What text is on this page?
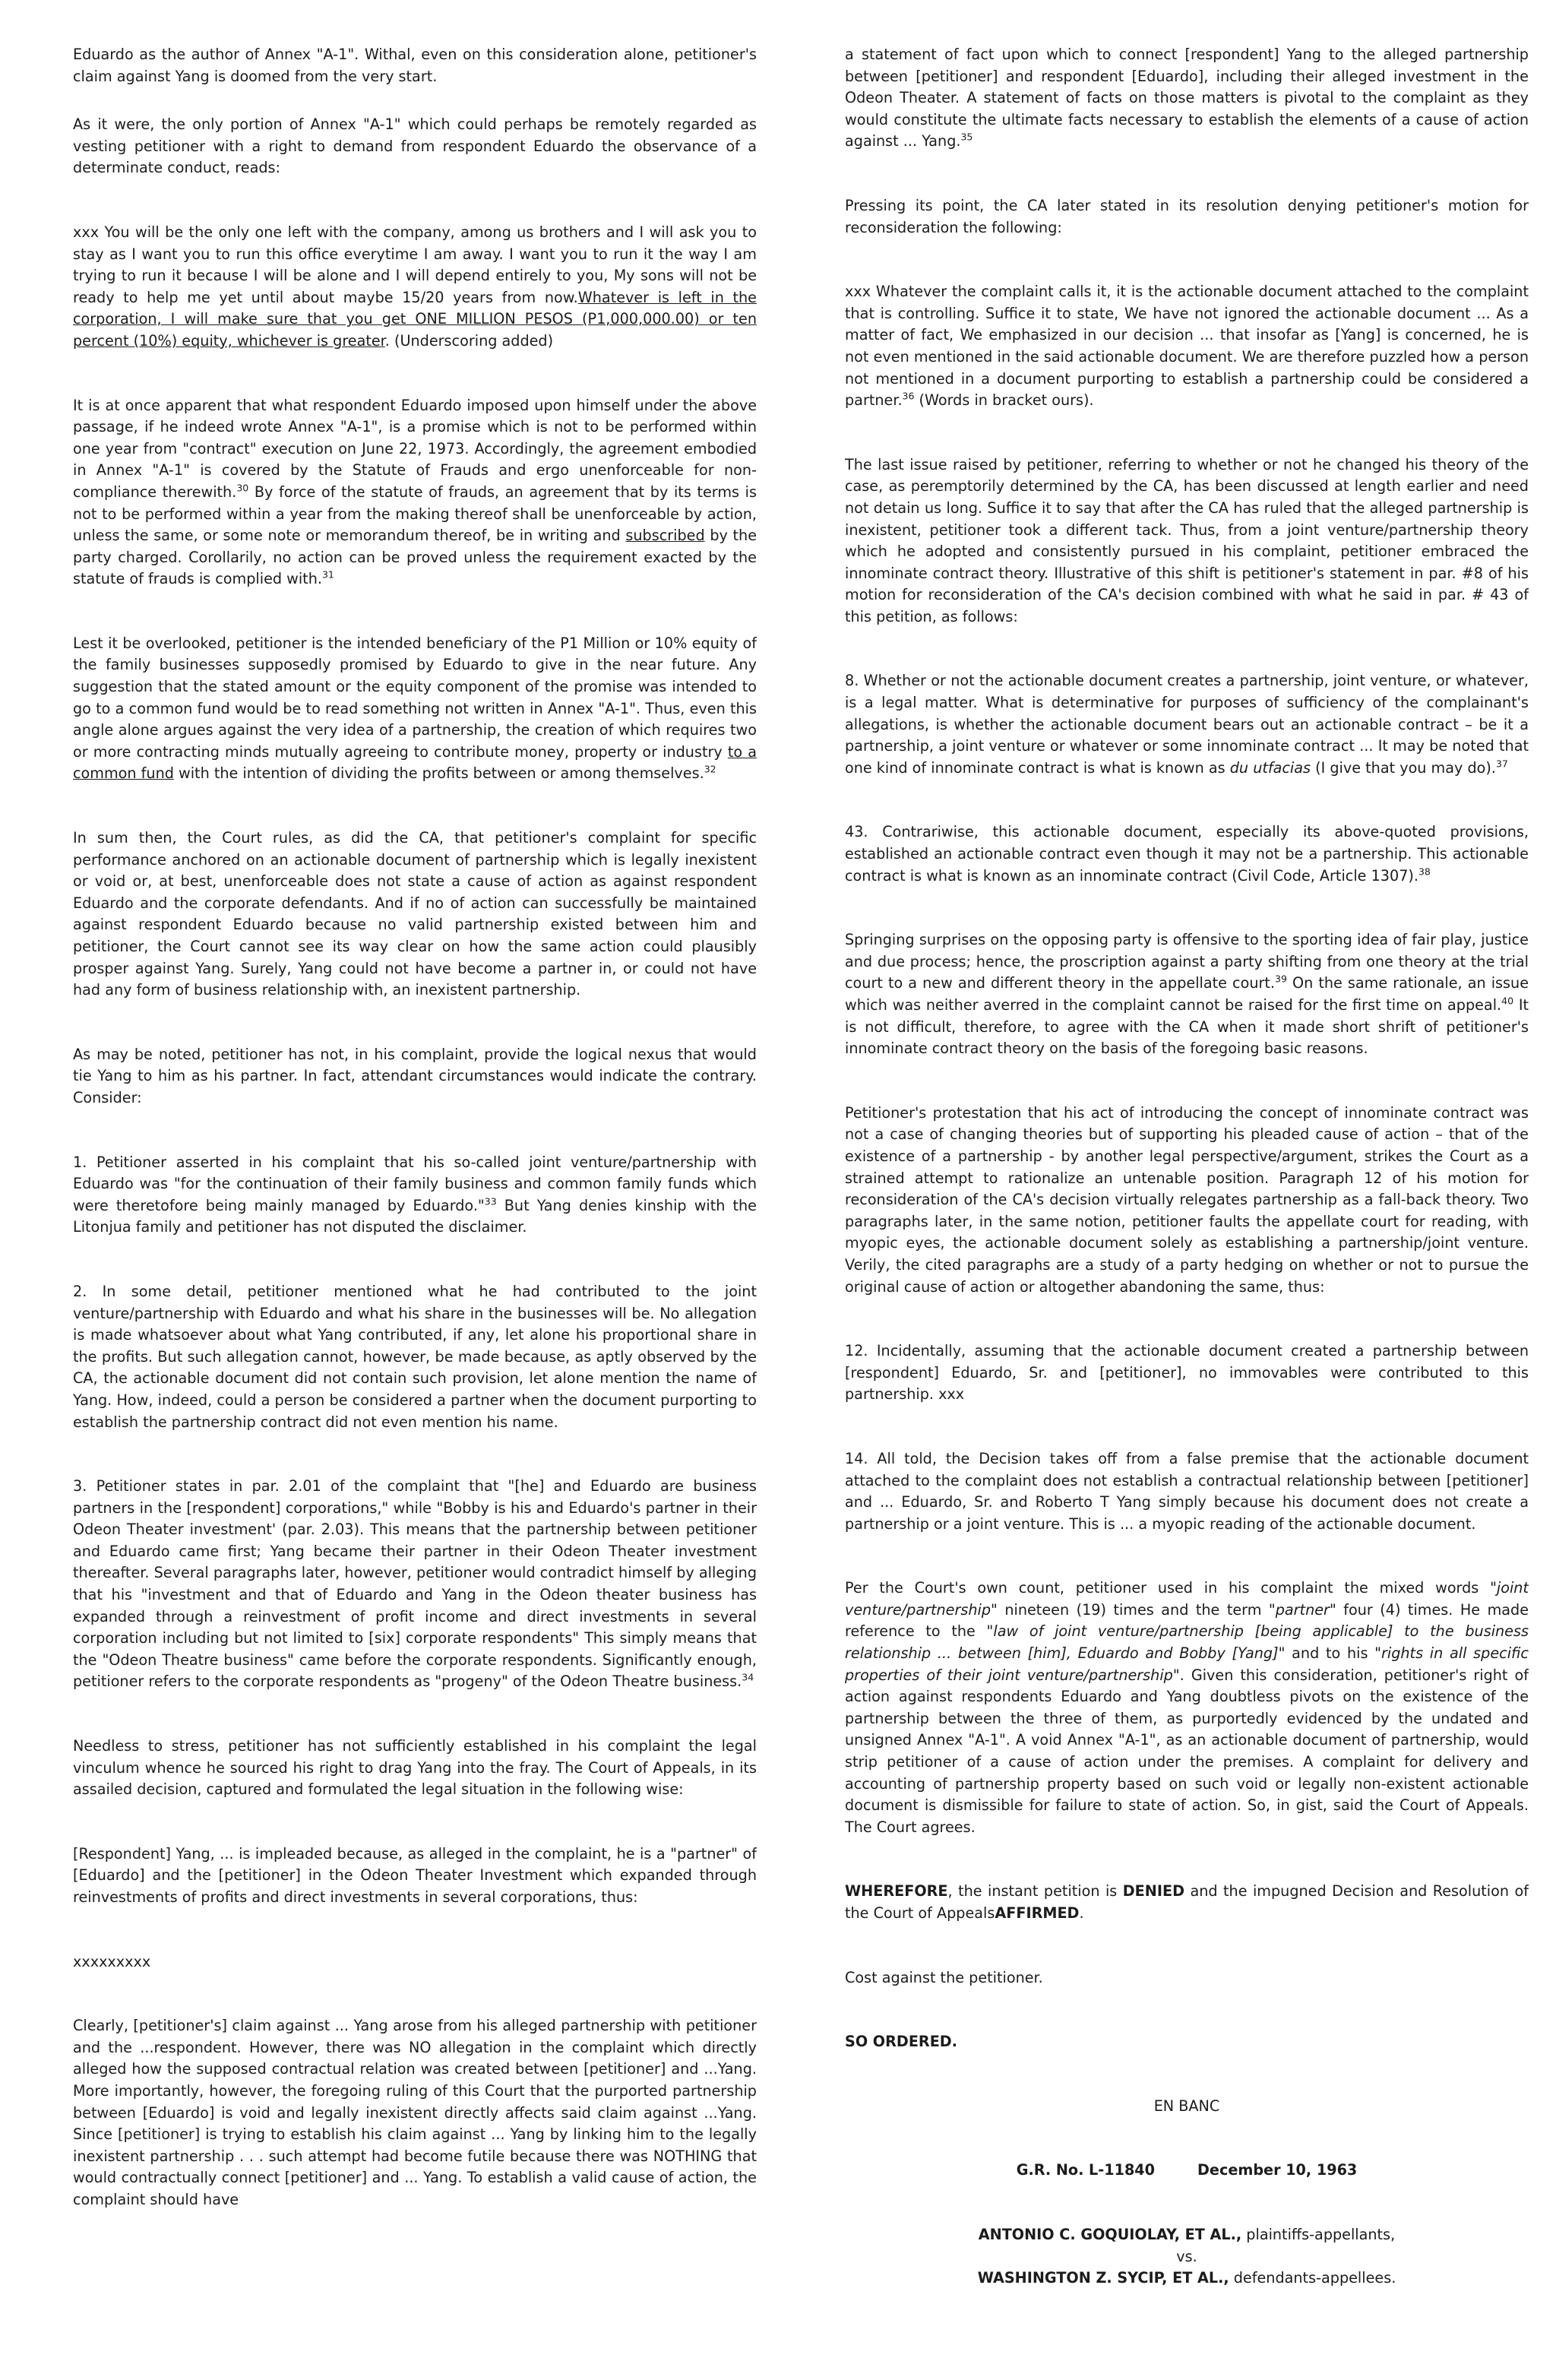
Eduardo as the author of Annex "A-1". Withal, even on this consideration alone, petitioner's claim against Yang is doomed from the very start.

As it were, the only portion of Annex "A-1" which could perhaps be remotely regarded as vesting petitioner with a right to demand from respondent Eduardo the observance of a determinate conduct, reads:

xxx You will be the only one left with the company, among us brothers and I will ask you to stay as I want you to run this office everytime I am away. I want you to run it the way I am trying to run it because I will be alone and I will depend entirely to you, My sons will not be ready to help me yet until about maybe 15/20 years from now.Whatever is left in the corporation, I will make sure that you get ONE MILLION PESOS (P1,000,000.00) or ten percent (10%) equity, whichever is greater. (Underscoring added)

It is at once apparent that what respondent Eduardo imposed upon himself under the above passage, if he indeed wrote Annex "A-1", is a promise which is not to be performed within one year from "contract" execution on June 22, 1973. Accordingly, the agreement embodied in Annex "A-1" is covered by the Statute of Frauds and ergo unenforceable for non-compliance therewith.$^{30}$ By force of the statute of frauds, an agreement that by its terms is not to be performed within a year from the making thereof shall be unenforceable by action, unless the same, or some note or memorandum thereof, be in writing and subscribed by the party charged. Corollarily, no action can be proved unless the requirement exacted by the statute of frauds is complied with.$^{31}$

Lest it be overlooked, petitioner is the intended beneficiary of the P1 Million or 10% equity of the family businesses supposedly promised by Eduardo to give in the near future. Any suggestion that the stated amount or the equity component of the promise was intended to go to a common fund would be to read something not written in Annex "A-1". Thus, even this angle alone argues against the very idea of a partnership, the creation of which requires two or more contracting minds mutually agreeing to contribute money, property or industry to a common fund with the intention of dividing the profits between or among themselves.$^{32}$

In sum then, the Court rules, as did the CA, that petitioner's complaint for specific performance anchored on an actionable document of partnership which is legally inexistent or void or, at best, unenforceable does not state a cause of action as against respondent Eduardo and the corporate defendants. And if no of action can successfully be maintained against respondent Eduardo because no valid partnership existed between him and petitioner, the Court cannot see its way clear on how the same action could plausibly prosper against Yang. Surely, Yang could not have become a partner in, or could not have had any form of business relationship with, an inexistent partnership.

As may be noted, petitioner has not, in his complaint, provide the logical nexus that would tie Yang to him as his partner. In fact, attendant circumstances would indicate the contrary. Consider:

1. Petitioner asserted in his complaint that his so-called joint venture/partnership with Eduardo was "for the continuation of their family business and common family funds which were theretofore being mainly managed by Eduardo."$^{33}$ But Yang denies kinship with the Litonjua family and petitioner has not disputed the disclaimer.

2. In some detail, petitioner mentioned what he had contributed to the joint venture/partnership with Eduardo and what his share in the businesses will be. No allegation is made whatsoever about what Yang contributed, if any, let alone his proportional share in the profits. But such allegation cannot, however, be made because, as aptly observed by the CA, the actionable document did not contain such provision, let alone mention the name of Yang. How, indeed, could a person be considered a partner when the document purporting to establish the partnership contract did not even mention his name.

3. Petitioner states in par. 2.01 of the complaint that "[he] and Eduardo are business partners in the [respondent] corporations," while "Bobby is his and Eduardo's partner in their Odeon Theater investment' (par. 2.03). This means that the partnership between petitioner and Eduardo came first; Yang became their partner in their Odeon Theater investment thereafter. Several paragraphs later, however, petitioner would contradict himself by alleging that his "investment and that of Eduardo and Yang in the Odeon theater business has expanded through a reinvestment of profit income and direct investments in several corporation including but not limited to [six] corporate respondents" This simply means that the "Odeon Theatre business" came before the corporate respondents. Significantly enough, petitioner refers to the corporate respondents as "progeny" of the Odeon Theatre business.$^{34}$

Needless to stress, petitioner has not sufficiently established in his complaint the legal vinculum whence he sourced his right to drag Yang into the fray. The Court of Appeals, in its assailed decision, captured and formulated the legal situation in the following wise:

[Respondent] Yang, ... is impleaded because, as alleged in the complaint, he is a "partner" of [Eduardo] and the [petitioner] in the Odeon Theater Investment which expanded through reinvestments of profits and direct investments in several corporations, thus:

xxxxxxxxx

Clearly, [petitioner's] claim against ... Yang arose from his alleged partnership with petitioner and the ...respondent. However, there was NO allegation in the complaint which directly alleged how the supposed contractual relation was created between [petitioner] and ...Yang. More importantly, however, the foregoing ruling of this Court that the purported partnership between [Eduardo] is void and legally inexistent directly affects said claim against ...Yang. Since [petitioner] is trying to establish his claim against ... Yang by linking him to the legally inexistent partnership . . . such attempt had become futile because there was NOTHING that would contractually connect [petitioner] and ... Yang. To establish a valid cause of action, the complaint should have

a statement of fact upon which to connect [respondent] Yang to the alleged partnership between [petitioner] and respondent [Eduardo], including their alleged investment in the Odeon Theater. A statement of facts on those matters is pivotal to the complaint as they would constitute the ultimate facts necessary to establish the elements of a cause of action against ... Yang.$^{35}$

Pressing its point, the CA later stated in its resolution denying petitioner's motion for reconsideration the following:

xxx Whatever the complaint calls it, it is the actionable document attached to the complaint that is controlling. Suffice it to state, We have not ignored the actionable document ... As a matter of fact, We emphasized in our decision ... that insofar as [Yang] is concerned, he is not even mentioned in the said actionable document. We are therefore puzzled how a person not mentioned in a document purporting to establish a partnership could be considered a partner.$^{36}$ (Words in bracket ours).

The last issue raised by petitioner, referring to whether or not he changed his theory of the case, as peremptorily determined by the CA, has been discussed at length earlier and need not detain us long. Suffice it to say that after the CA has ruled that the alleged partnership is inexistent, petitioner took a different tack. Thus, from a joint venture/partnership theory which he adopted and consistently pursued in his complaint, petitioner embraced the innominate contract theory. Illustrative of this shift is petitioner's statement in par. #8 of his motion for reconsideration of the CA's decision combined with what he said in par. # 43 of this petition, as follows:

8. Whether or not the actionable document creates a partnership, joint venture, or whatever, is a legal matter. What is determinative for purposes of sufficiency of the complainant's allegations, is whether the actionable document bears out an actionable contract – be it a partnership, a joint venture or whatever or some innominate contract ... It may be noted that one kind of innominate contract is what is known as du utfacias (I give that you may do).$^{37}$

43. Contrariwise, this actionable document, especially its above-quoted provisions, established an actionable contract even though it may not be a partnership. This actionable contract is what is known as an innominate contract (Civil Code, Article 1307).$^{38}$

Springing surprises on the opposing party is offensive to the sporting idea of fair play, justice and due process; hence, the proscription against a party shifting from one theory at the trial court to a new and different theory in the appellate court.$^{39}$ On the same rationale, an issue which was neither averred in the complaint cannot be raised for the first time on appeal.$^{40}$ It is not difficult, therefore, to agree with the CA when it made short shrift of petitioner's innominate contract theory on the basis of the foregoing basic reasons.

Petitioner's protestation that his act of introducing the concept of innominate contract was not a case of changing theories but of supporting his pleaded cause of action – that of the existence of a partnership - by another legal perspective/argument, strikes the Court as a strained attempt to rationalize an untenable position. Paragraph 12 of his motion for reconsideration of the CA's decision virtually relegates partnership as a fall-back theory. Two paragraphs later, in the same notion, petitioner faults the appellate court for reading, with myopic eyes, the actionable document solely as establishing a partnership/joint venture. Verily, the cited paragraphs are a study of a party hedging on whether or not to pursue the original cause of action or altogether abandoning the same, thus:

12. Incidentally, assuming that the actionable document created a partnership between [respondent] Eduardo, Sr. and [petitioner], no immovables were contributed to this partnership. xxx

14. All told, the Decision takes off from a false premise that the actionable document attached to the complaint does not establish a contractual relationship between [petitioner] and ... Eduardo, Sr. and Roberto T Yang simply because his document does not create a partnership or a joint venture. This is ... a myopic reading of the actionable document.

Per the Court's own count, petitioner used in his complaint the mixed words "joint venture/partnership" nineteen (19) times and the term "partner" four (4) times. He made reference to the "law of joint venture/partnership [being applicable] to the business relationship ... between [him], Eduardo and Bobby [Yang]" and to his "rights in all specific properties of their joint venture/partnership". Given this consideration, petitioner's right of action against respondents Eduardo and Yang doubtless pivots on the existence of the partnership between the three of them, as purportedly evidenced by the undated and unsigned Annex "A-1". A void Annex "A-1", as an actionable document of partnership, would strip petitioner of a cause of action under the premises. A complaint for delivery and accounting of partnership property based on such void or legally non-existent actionable document is dismissible for failure to state of action. So, in gist, said the Court of Appeals. The Court agrees.

WHEREFORE, the instant petition is DENIED and the impugned Decision and Resolution of the Court of AppealsAFFIRMED.

Cost against the petitioner.

SO ORDERED.

EN BANC

G.R. No. L-11840	December 10, 1963

ANTONIO C. GOQUIOLAY, ET AL., plaintiffs-appellants,
vs.
WASHINGTON Z. SYCIP, ET AL., defendants-appellees.
